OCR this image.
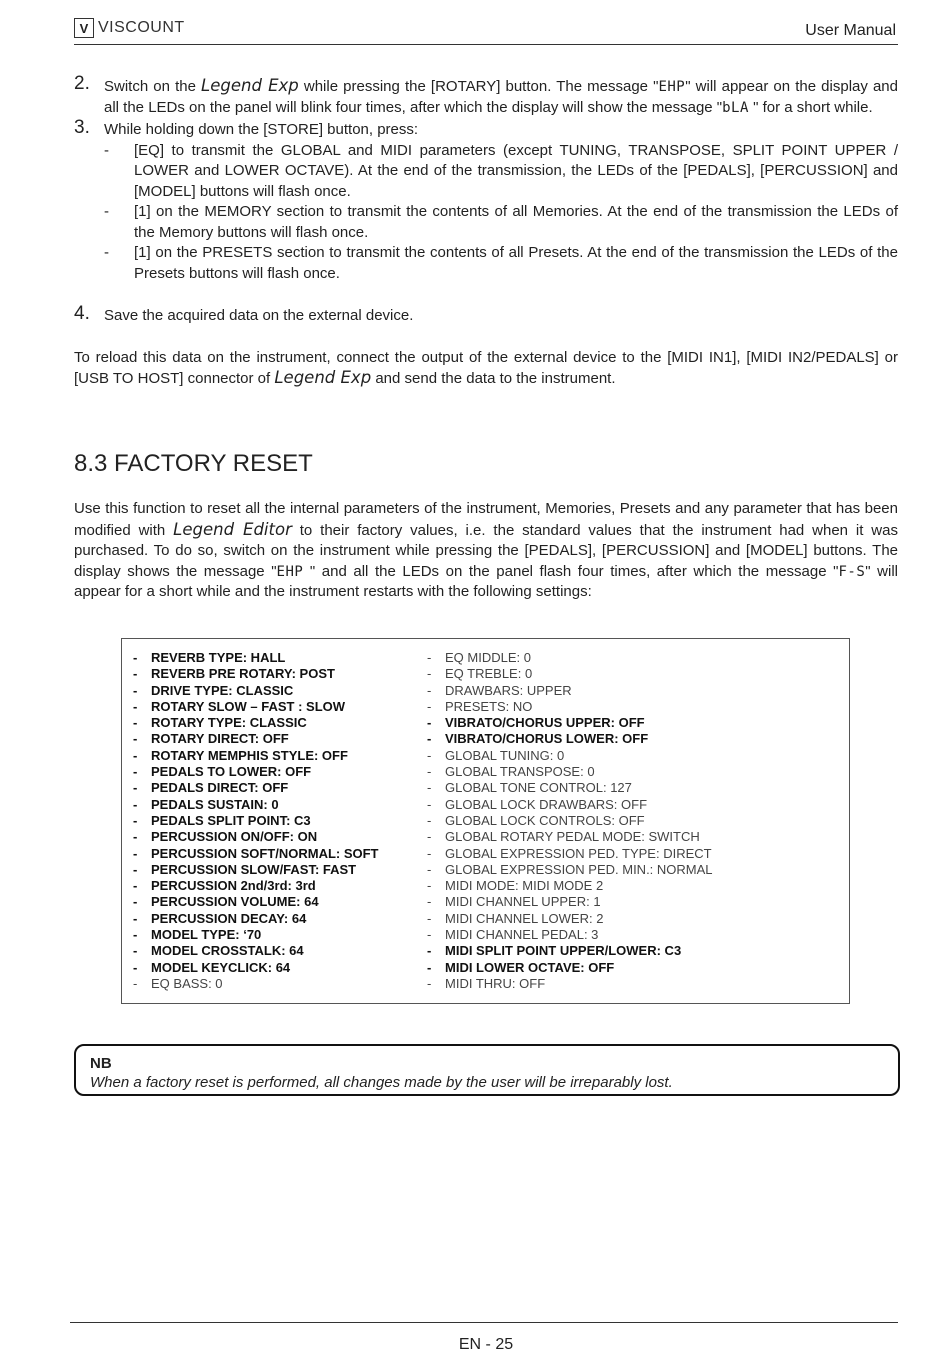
V VISCOUNT	User Manual
2. Switch on the Legend Exp while pressing the [ROTARY] button. The message "EHP" will appear on the display and all the LEDs on the panel will blink four times, after which the display will show the message "bLA " for a short while.
3. While holding down the [STORE] button, press:
- [EQ] to transmit the GLOBAL and MIDI parameters (except TUNING, TRANSPOSE, SPLIT POINT UPPER / LOWER and LOWER OCTAVE). At the end of the transmission, the LEDs of the [PEDALS], [PERCUSSION] and [MODEL] buttons will flash once.
- [1] on the MEMORY section to transmit the contents of all Memories. At the end of the transmission the LEDs of the Memory buttons will flash once.
- [1] on the PRESETS section to transmit the contents of all Presets. At the end of the transmission the LEDs of the Presets buttons will flash once.
4. Save the acquired data on the external device.

To reload this data on the instrument, connect the output of the external device to the [MIDI IN1], [MIDI IN2/PEDALS] or [USB TO HOST] connector of Legend Exp and send the data to the instrument.

8.3 FACTORY RESET
Use this function to reset all the internal parameters of the instrument, Memories, Presets and any parameter that has been modified with Legend Editor to their factory values, i.e. the standard values that the instrument had when it was purchased. To do so, switch on the instrument while pressing the [PEDALS], [PERCUSSION] and [MODEL] buttons. The display shows the message "EHP " and all the LEDs on the panel flash four times, after which the message "F-S" will appear for a short while and the instrument restarts with the following settings:
- REVERB TYPE: HALL
- REVERB PRE ROTARY: POST
- DRIVE TYPE: CLASSIC
- ROTARY SLOW – FAST : SLOW
- ROTARY TYPE: CLASSIC
- ROTARY DIRECT: OFF
- ROTARY MEMPHIS STYLE: OFF
- PEDALS TO LOWER: OFF
- PEDALS DIRECT: OFF
- PEDALS SUSTAIN: 0
- PEDALS SPLIT POINT: C3
- PERCUSSION ON/OFF: ON
- PERCUSSION SOFT/NORMAL: SOFT
- PERCUSSION SLOW/FAST: FAST
- PERCUSSION 2nd/3rd: 3rd
- PERCUSSION VOLUME: 64
- PERCUSSION DECAY: 64
- MODEL TYPE: ‘70
- MODEL CROSSTALK: 64
- MODEL KEYCLICK: 64
- EQ BASS: 0
- EQ MIDDLE: 0
- EQ TREBLE: 0
- DRAWBARS: UPPER
- PRESETS: NO
- VIBRATO/CHORUS UPPER: OFF
- VIBRATO/CHORUS LOWER: OFF
- GLOBAL TUNING: 0
- GLOBAL TRANSPOSE: 0
- GLOBAL TONE CONTROL: 127
- GLOBAL LOCK DRAWBARS: OFF
- GLOBAL LOCK CONTROLS: OFF
- GLOBAL ROTARY PEDAL MODE: SWITCH
- GLOBAL EXPRESSION PED. TYPE: DIRECT
- GLOBAL EXPRESSION PED. MIN.: NORMAL
- MIDI MODE: MIDI MODE 2
- MIDI CHANNEL UPPER: 1
- MIDI CHANNEL LOWER: 2
- MIDI CHANNEL PEDAL: 3
- MIDI SPLIT POINT UPPER/LOWER: C3
- MIDI LOWER OCTAVE: OFF
- MIDI THRU: OFF
NB
When a factory reset is performed, all changes made by the user will be irreparably lost.
EN - 25
